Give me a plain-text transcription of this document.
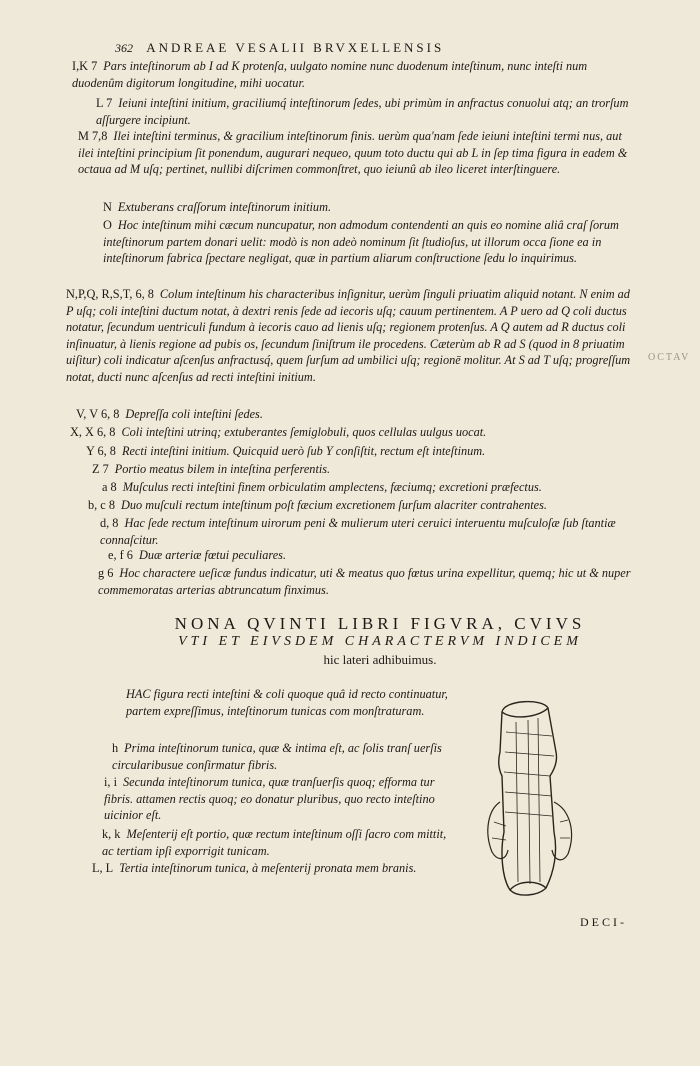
362 ANDREAE VESALII BRVXELLENSIS
I,K 7 Pars inteſtinorum ab I ad K protenſa, uulgato nomine nunc duodenum inteſtinum, nunc inteſti num duodenûm digitorum longitudine, mihi uocatur.
L 7 Ieiuni inteſtini initium, graciliumq́ inteſtinorum ſedes, ubi primùm in anfractus conuolui atq; an trorſum aſſurgere incipiunt.
M 7,8 Ilei inteſtini terminus, & gracilium inteſtinorum finis. uerùm qua'nam ſede ieiuni inteſtini termi nus, aut ilei inteſtini principium ſit ponendum, augurari nequeo, quum toto ductu qui ab L in ſep tima figura in eadem & octaua ad M uſq; pertinet, nullibi diſcrimen commonſtret, quo ieiunû ab ileo liceret interſtinguere.
N Extuberans craſſorum inteſtinorum initium.
O Hoc inteſtinum mihi cæcum nuncupatur, non admodum contendenti an quis eo nomine aliâ craſ ſorum inteſtinorum partem donari uelit: modò is non adeò nominum ſit ſtudioſus, ut illorum occa ſione ea in inteſtinorum fabrica ſpectare negligat, quæ in partium aliarum conſtructione ſedu lo inquirimus.
N,P,Q, R,S,T, 6, 8 Colum inteſtinum his characteribus inſignitur, uerùm ſinguli priuatim aliquid notant. N enim ad P uſq; coli inteſtini ductum notat, à dextri renis ſede ad iecoris uſq; cauum pertinentem. A P uero ad Q coli ductus notatur, ſecundum uentriculi fundum à iecoris cauo ad lienis uſq; regionem protenſus. A Q autem ad R ductus coli inſinuatur, à lienis regione ad pubis os, ſecundum ſiniſtrum ile procedens. Cæterùm ab R ad S (quod in 8 priuatim uiſitur) coli indicatur aſcenſus anfractusq́, quem ſurſum ad umbilici uſq; regionē molitur. At S ad T uſq; progreſſum notat, ducti nunc aſcenſus ad recti inteſtini initium.
V, V 6, 8 Depreſſa coli inteſtini ſedes.
X, X 6, 8 Coli inteſtini utrinq; extuberantes ſemiglobuli, quos cellulas uulgus uocat.
Y 6, 8 Recti inteſtini initium. Quicquid uerò ſub Y conſiſtit, rectum eſt inteſtinum.
Z 7 Portio meatus bilem in inteſtina perferentis.
a 8 Muſculus recti inteſtini finem orbiculatim amplectens, fæciumq; excretioni præfectus.
b, c 8 Duo muſculi rectum inteſtinum poſt fæcium excretionem ſurſum alacriter contrahentes.
d, 8 Hac ſede rectum inteſtinum uirorum peni & mulierum uteri ceruici interuentu muſculoſæ ſub ſtantiæ connaſcitur.
e, f 6 Duæ arteriæ fœtui peculiares.
g 6 Hoc charactere ueſicæ fundus indicatur, uti & meatus quo fœtus urina expellitur, quemq; hic ut & nuper commemoratas arterias abtruncatum finximus.
NONA QVINTI LIBRI FIGVRA, CVIVS
VTI ET EIVSDEM CHARACTERVM INDICEM
hic lateri adhibuimus.
HAC figura recti inteſtini & coli quoque quâ id recto continuatur, partem expreſſimus, inteſtinorum tunicas com monſtraturam.
h Prima inteſtinorum tunica, quæ & intima eſt, ac ſolis tranſ uerſis circularibusue conſirmatur fibris.
i, i Secunda inteſtinorum tunica, quæ tranſuerſis quoq; efforma tur fibris. attamen rectis quoq; eo donatur pluribus, quo recto inteſtino uicinior eſt.
k, k Meſenterij eſt portio, quæ rectum inteſtinum oſſi ſacro com mittit, ac tertiam ipſi exporrigit tunicam.
L, L Tertia inteſtinorum tunica, à meſenterij pronata mem branis.
DECI-
OCTAV
